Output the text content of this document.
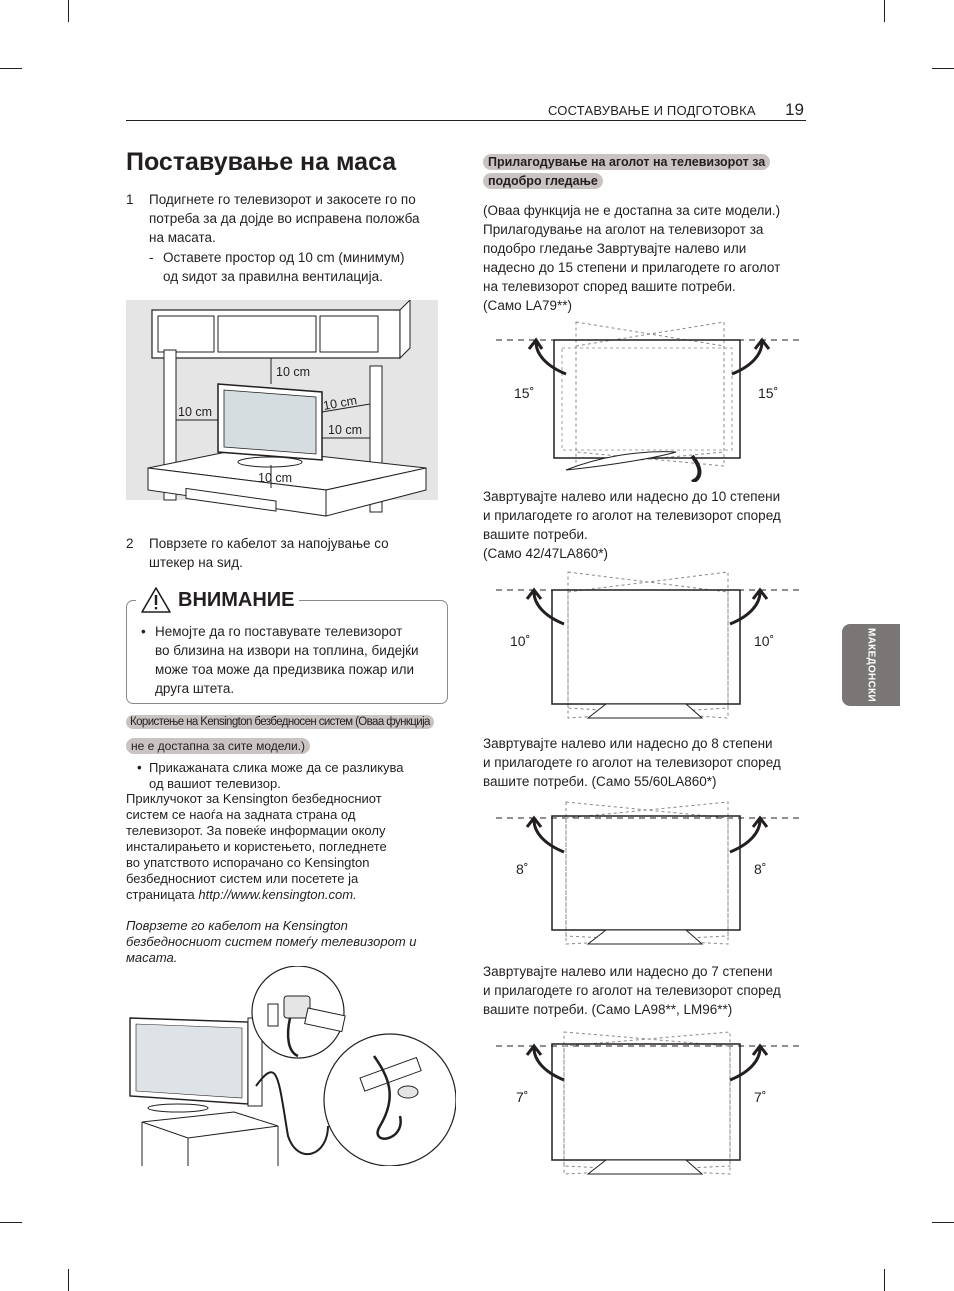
СОСТАВУВАЊЕ И ПОДГОТОВКА 19
МАКЕДОНСКИ
Поставување на маса
1 Подигнете го телевизорот и закосете го по
потреба за да дојде во исправена положба
на масата.
- Оставете простор од 10 cm (минимум)
од ѕидот за правилна вентилација.
10 cm
10 cm	10 cm
10 cm
10 cm
2 Поврзете го кабелот за напојување со
штекер на ѕид.
ВНИМАНИЕ
• Немојте да го поставувате телевизорот
во близина на извори на топлина, бидејќи
може тоа може да предизвика пожар или
друга штета.
Користење на Kensington безбедносен систем (Оваа функција
не е достапна за сите модели.)
• Прикажаната слика може да се разликува
од вашиот телевизор.
Приклучокот за Kensington безбедносниот
систем се наоѓа на задната страна од
телевизорот. За повеќе информации околу
инсталирањето и користењето, погледнете
во упатството испорачано со Kensington
безбедносниот систем или посетете ја
страницата http://www.kensington.com.
Поврзете го кабелот на Kensington
безбедносниот систем помеѓу телевизорот и
масата.
Прилагодување на аголот на телевизорот за
подобро гледање
(Оваа функција не е достапна за сите модели.)
Прилагодување на аголот на телевизорот за
подобро гледање Завртувајте налево или
надесно до 15 степени и прилагодете го аголот
на телевизорот според вашите потреби.
(Само LA79**)
15˚	15˚
Завртувајте налево или надесно до 10 степени
и прилагодете го аголот на телевизорот според
вашите потреби.
(Само 42/47LA860*)
10˚	10˚
Завртувајте налево или надесно до 8 степени
и прилагодете го аголот на телевизорот според
вашите потреби. (Само 55/60LA860*)
8˚	8˚
Завртувајте налево или надесно до 7 степени
и прилагодете го аголот на телевизорот според
вашите потреби. (Само LA98**, LM96**)
7˚	7˚
